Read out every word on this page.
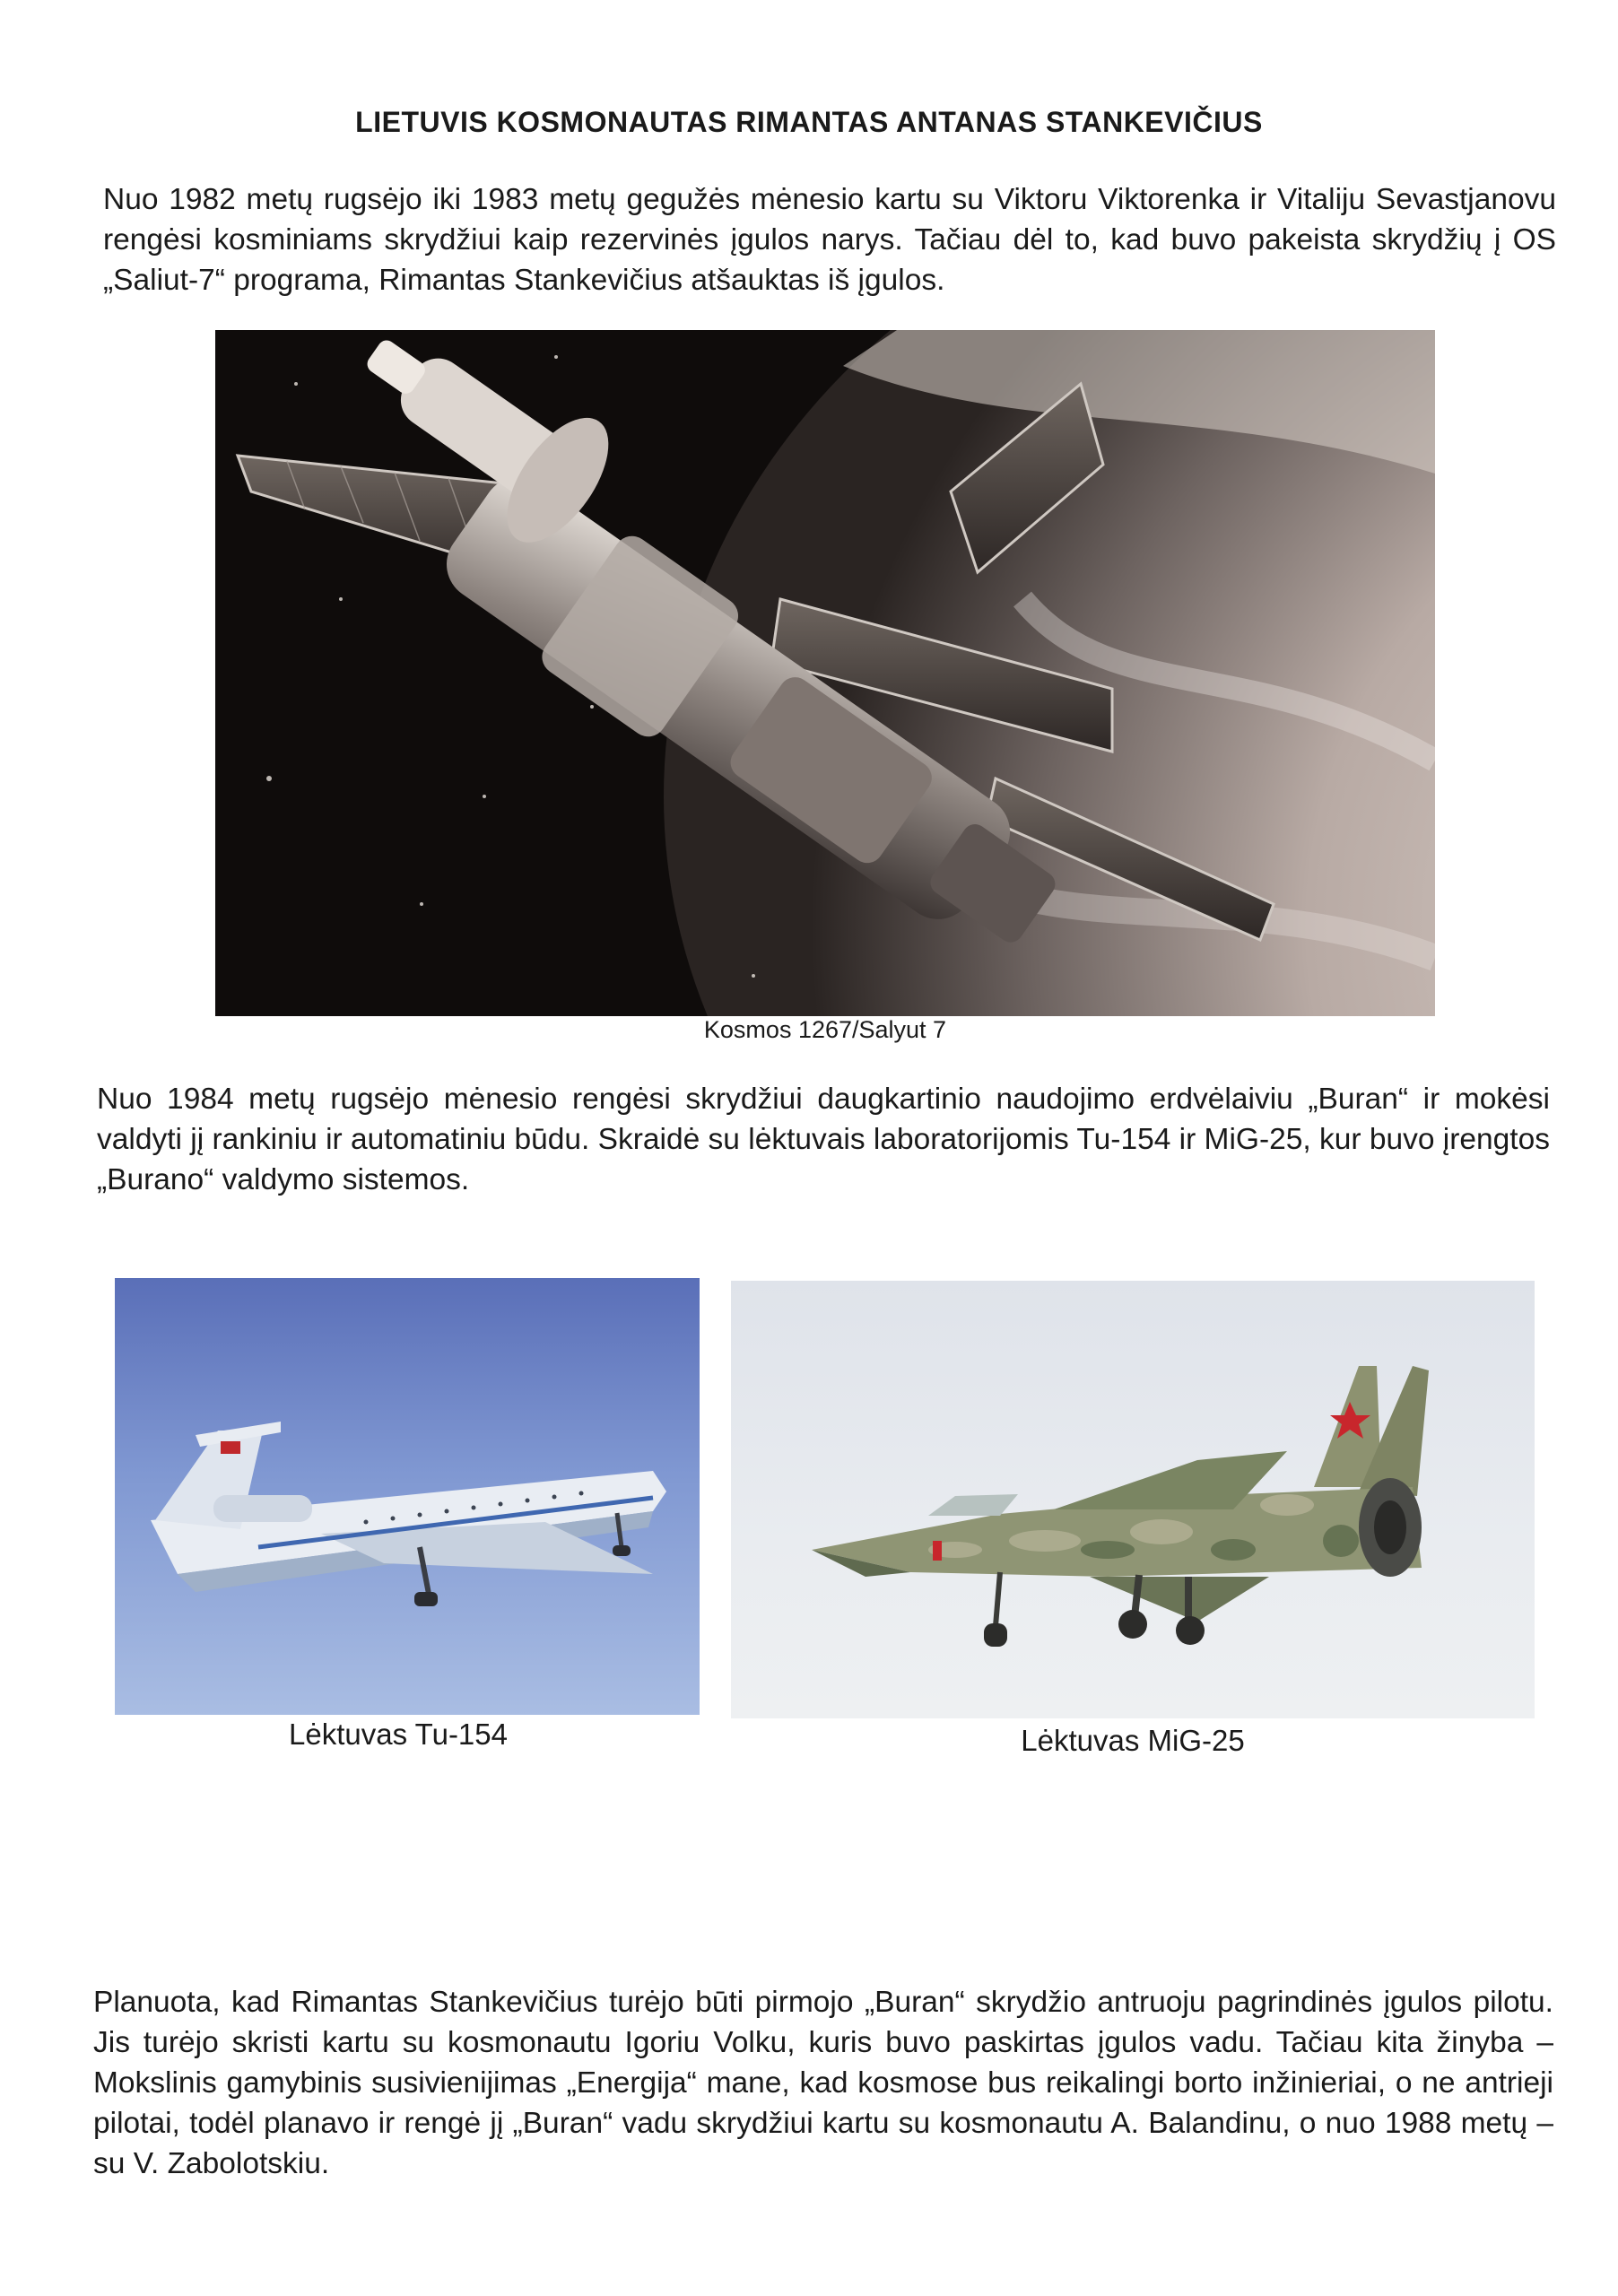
LIETUVIS KOSMONAUTAS RIMANTAS ANTANAS STANKEVIČIUS

Nuo 1982 metų rugsėjo iki 1983 metų gegužės mėnesio kartu su Viktoru Viktorenka ir Vitaliju Sevastjanovu rengėsi kosminiams skrydžiui kaip rezervinės įgulos narys. Tačiau dėl to, kad buvo pakeista skrydžių į OS „Saliut-7“ programa, Rimantas Stankevičius atšauktas iš įgulos.

Kosmos 1267/Salyut 7

Nuo 1984 metų rugsėjo mėnesio rengėsi skrydžiui daugkartinio naudojimo erdvėlaiviu „Buran“ ir mokėsi valdyti jį rankiniu ir automatiniu būdu. Skraidė su lėktuvais laboratorijomis Tu-154 ir MiG-25, kur buvo įrengtos „Burano“ valdymo sistemos.

Lėktuvas Tu-154	Lėktuvas MiG-25

Planuota, kad Rimantas Stankevičius turėjo būti pirmojo „Buran“ skrydžio antruoju pagrindinės įgulos pilotu. Jis turėjo skristi kartu su kosmonautu Igoriu Volku, kuris buvo paskirtas įgulos vadu. Tačiau kita žinyba – Mokslinis gamybinis susivienijimas „Energija“ mane, kad kosmose bus reikalingi borto inžinieriai, o ne antrieji pilotai, todėl planavo ir rengė jį „Buran“ vadu skrydžiui kartu su kosmonautu A. Balandinu, o nuo 1988 metų – su V. Zabolotskiu.
